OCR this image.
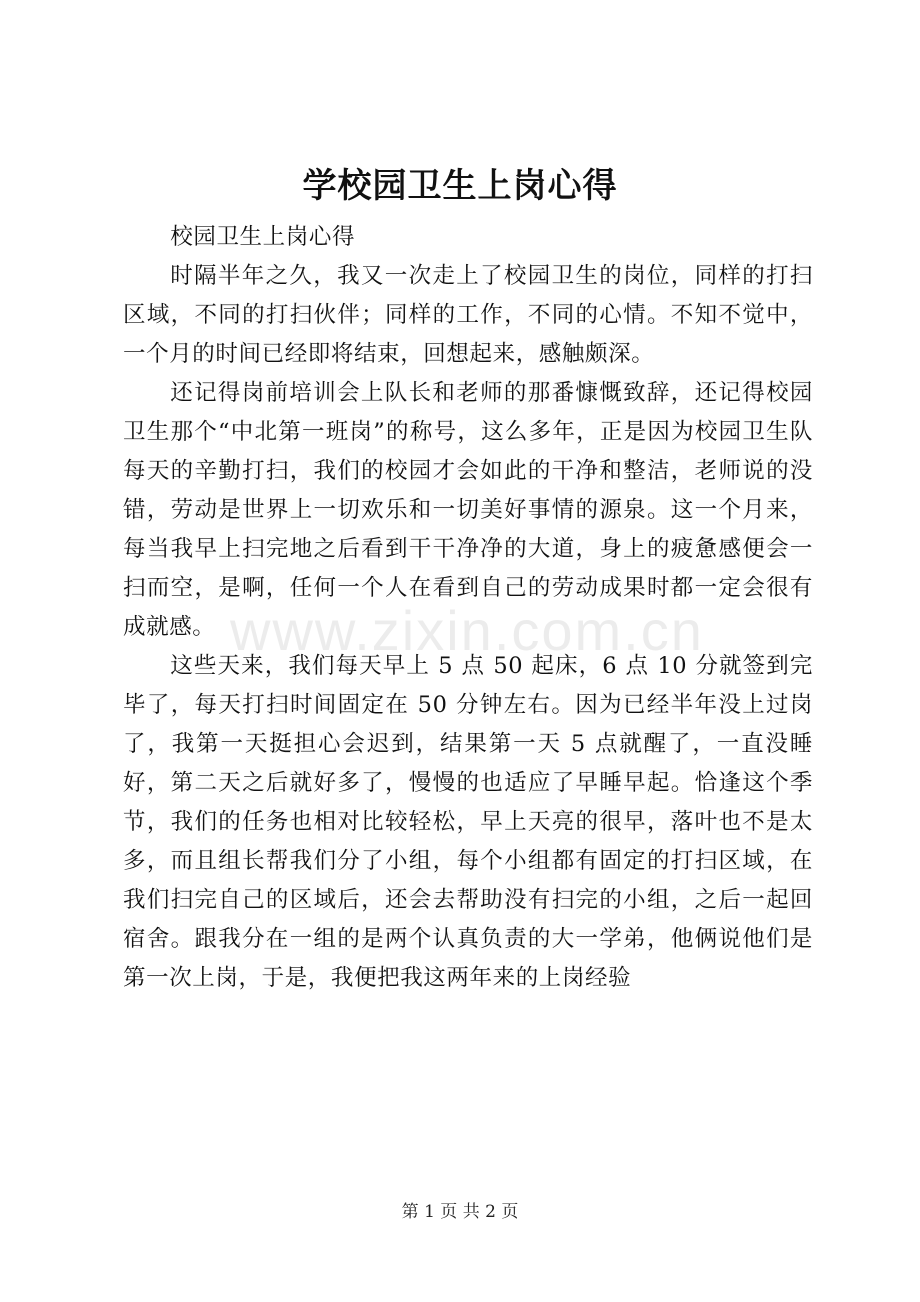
学校园卫生上岗心得

校园卫生上岗心得

时隔半年之久，我又一次走上了校园卫生的岗位，同样的打扫区域，不同的打扫伙伴；同样的工作，不同的心情。不知不觉中，一个月的时间已经即将结束，回想起来，感触颇深。

还记得岗前培训会上队长和老师的那番慷慨致辞，还记得校园卫生那个“中北第一班岗”的称号，这么多年，正是因为校园卫生队每天的辛勤打扫，我们的校园才会如此的干净和整洁，老师说的没错，劳动是世界上一切欢乐和一切美好事情的源泉。这一个月来，每当我早上扫完地之后看到干干净净的大道，身上的疲惫感便会一扫而空，是啊，任何一个人在看到自己的劳动成果时都一定会很有成就感。

这些天来，我们每天早上 5 点 50 起床，6 点 10 分就签到完毕了，每天打扫时间固定在 50 分钟左右。因为已经半年没上过岗了，我第一天挺担心会迟到，结果第一天 5 点就醒了，一直没睡好，第二天之后就好多了，慢慢的也适应了早睡早起。恰逢这个季节，我们的任务也相对比较轻松，早上天亮的很早，落叶也不是太多，而且组长帮我们分了小组，每个小组都有固定的打扫区域，在我们扫完自己的区域后，还会去帮助没有扫完的小组，之后一起回宿舍。跟我分在一组的是两个认真负责的大一学弟，他俩说他们是第一次上岗，于是，我便把我这两年来的上岗经验

www.zixin.com.cn
第 1 页 共 2 页
